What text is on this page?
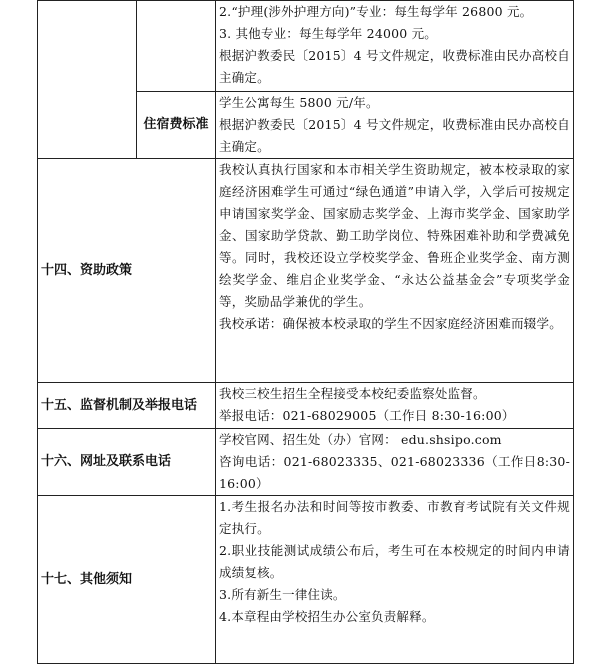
		2.“护理(涉外护理方向)”专业：每生每学年 26800 元。
3. 其他专业：每生每学年 24000 元。
根据沪教委民〔2015〕4 号文件规定，收费标准由民办高校自主确定。

	住宿费标准	学生公寓每生 5800 元/年。
根据沪教委民〔2015〕4 号文件规定，收费标准由民办高校自主确定。

十四、资助政策		我校认真执行国家和本市相关学生资助规定，被本校录取的家庭经济困难学生可通过“绿色通道”申请入学，入学后可按规定申请国家奖学金、国家励志奖学金、上海市奖学金、国家助学金、国家助学贷款、勤工助学岗位、特殊困难补助和学费减免等。同时，我校还设立学校奖学金、鲁班企业奖学金、南方测绘奖学金、维启企业奖学金、“永达公益基金会”专项奖学金等，奖励品学兼优的学生。
我校承诺：确保被本校录取的学生不因家庭经济困难而辍学。

十五、监督机制及举报电话		我校三校生招生全程接受本校纪委监察处监督。
举报电话：021-68029005（工作日 8:30-16:00）

十六、网址及联系电话		学校官网、招生处（办）官网： edu.shsipo.com
咨询电话：021-68023335、021-68023336（工作日8:30-16:00）

十七、其他须知		1.考生报名办法和时间等按市教委、市教育考试院有关文件规定执行。
2.职业技能测试成绩公布后，考生可在本校规定的时间内申请成绩复核。
3.所有新生一律住读。
4.本章程由学校招生办公室负责解释。
